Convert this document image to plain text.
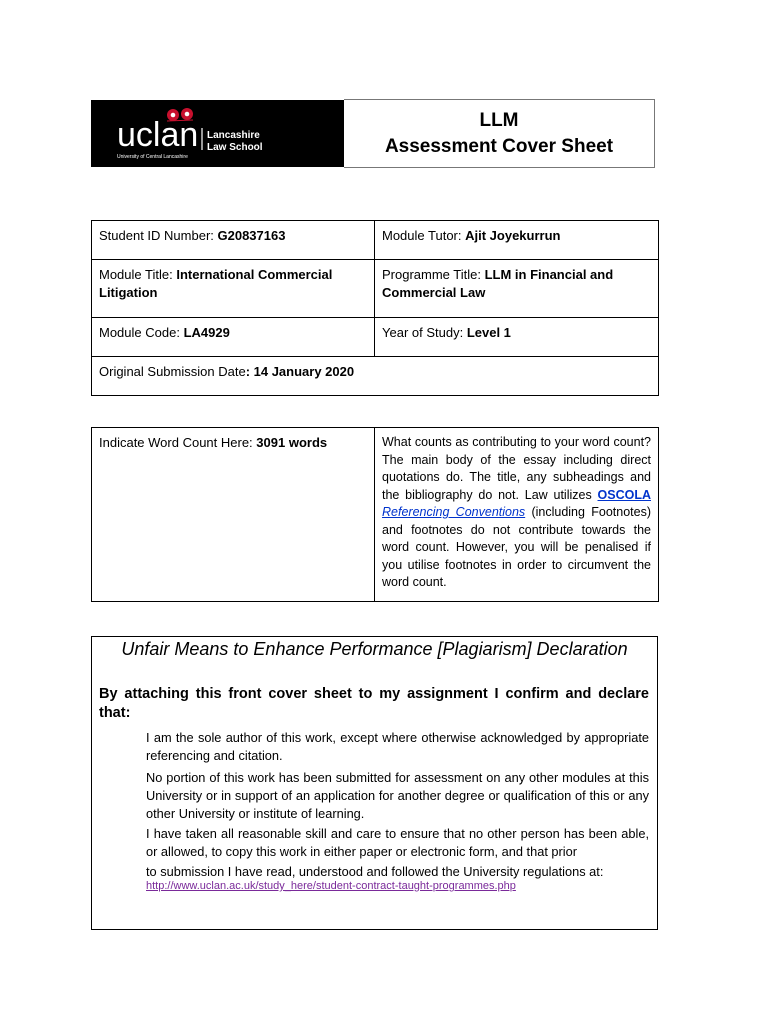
uclan Lancashire
Law School
University of Central Lancashire
LLM
Assessment Cover Sheet
Student ID Number: G20837163	Module Tutor: Ajit Joyekurrun
Module Title: International Commercial Litigation	Programme Title: LLM in Financial and Commercial Law
Module Code: LA4929	Year of Study: Level 1
Original Submission Date: 14 January 2020	
Indicate Word Count Here: 3091 words	What counts as contributing to your word count? The main body of the essay including direct quotations do. The title, any subheadings and the bibliography do not. Law utilizes OSCOLA Referencing Conventions (including Footnotes) and footnotes do not contribute towards the word count. However, you will be penalised if you utilise footnotes in order to circumvent the word count.
Unfair Means to Enhance Performance [Plagiarism] Declaration
By attaching this front cover sheet to my assignment I confirm and declare that:
I am the sole author of this work, except where otherwise acknowledged by appropriate referencing and citation.
No portion of this work has been submitted for assessment on any other modules at this University or in support of an application for another degree or qualification of this or any other University or institute of learning.
I have taken all reasonable skill and care to ensure that no other person has been able, or allowed, to copy this work in either paper or electronic form, and that prior
to submission I have read, understood and followed the University regulations at:
http://www.uclan.ac.uk/study_here/student-contract-taught-programmes.php
